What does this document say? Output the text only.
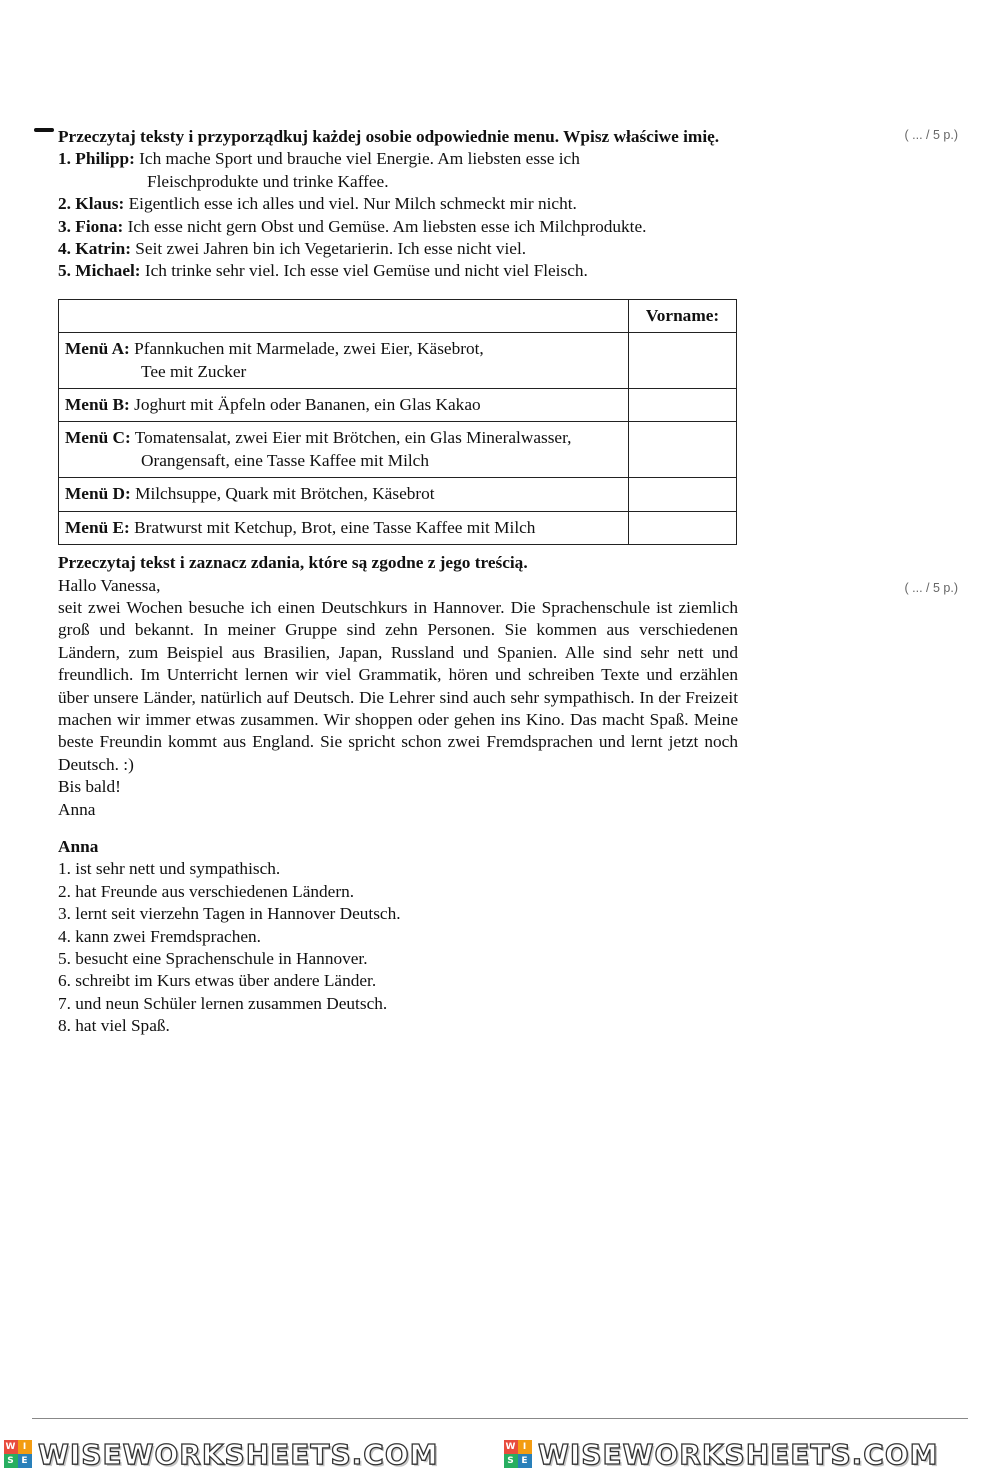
( ... / 5 p.)
( ... / 5 p.)
Przeczytaj teksty i przyporządkuj każdej osobie odpowiednie menu. Wpisz właściwe imię.

1. Philipp: Ich mache Sport und brauche viel Energie. Am liebsten esse ich

Fleischprodukte und trinke Kaffee.

2. Klaus: Eigentlich esse ich alles und viel. Nur Milch schmeckt mir nicht.

3. Fiona: Ich esse nicht gern Obst und Gemüse. Am liebsten esse ich Milchprodukte.

4. Katrin: Seit zwei Jahren bin ich Vegetarierin. Ich esse nicht viel.

5. Michael: Ich trinke sehr viel. Ich esse viel Gemüse und nicht viel Fleisch.

	Vorname:
Menü A: Pfannkuchen mit Marmelade, zwei Eier, Käsebrot,
Tee mit Zucker	

Menü B: Joghurt mit Äpfeln oder Bananen, ein Glas Kakao	
Menü C: Tomatensalat, zwei Eier mit Brötchen, ein Glas Mineralwasser,
Orangensaft, eine Tasse Kaffee mit Milch	

Menü D: Milchsuppe, Quark mit Brötchen, Käsebrot	
Menü E: Bratwurst mit Ketchup, Brot, eine Tasse Kaffee mit Milch	
Przeczytaj tekst i zaznacz zdania, które są zgodne z jego treścią.
Hallo Vanessa,
seit zwei Wochen besuche ich einen Deutschkurs in Hannover. Die Sprachenschule ist ziemlich groß und bekannt. In meiner Gruppe sind zehn Personen. Sie kommen aus verschiedenen Ländern, zum Beispiel aus Brasilien, Japan, Russland und Spanien. Alle sind sehr nett und freundlich. Im Unterricht lernen wir viel Grammatik, hören und schreiben Texte und erzählen über unsere Länder, natürlich auf Deutsch. Die Lehrer sind auch sehr sympathisch. In der Freizeit machen wir immer etwas zusammen. Wir shoppen oder gehen ins Kino. Das macht Spaß. Meine beste Freundin kommt aus England. Sie spricht schon zwei Fremdsprachen und lernt jetzt noch Deutsch. :)
Bis bald!
Anna
Anna

1. ist sehr nett und sympathisch.

2. hat Freunde aus verschiedenen Ländern.

3. lernt seit vierzehn Tagen in Hannover Deutsch.

4. kann zwei Fremdsprachen.

5. besucht eine Sprachenschule in Hannover.

6. schreibt im Kurs etwas über andere Länder.

7. und neun Schüler lernen zusammen Deutsch.

8. hat viel Spaß.

W I
S E WISEWORKSHEETS.COM	W I
S E WISEWORKSHEETS.COM
